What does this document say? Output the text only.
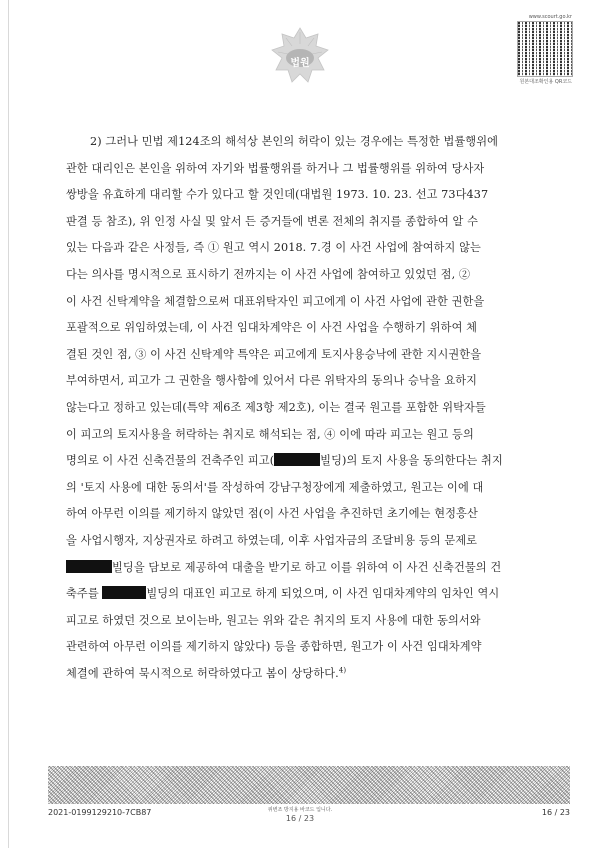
법원
www.scourt.go.kr
원본대조확인용 QR코드
2) 그러나 민법 제124조의 해석상 본인의 허락이 있는 경우에는 특정한 법률행위에
관한 대리인은 본인을 위하여 자기와 법률행위를 하거나 그 법률행위를 위하여 당사자
쌍방을 유효하게 대리할 수가 있다고 할 것인데(대법원 1973. 10. 23. 선고 73다437
판결 등 참조), 위 인정 사실 및 앞서 든 증거들에 변론 전체의 취지를 종합하여 알 수
있는 다음과 같은 사정들, 즉 ① 원고 역시 2018. 7.경 이 사건 사업에 참여하지 않는
다는 의사를 명시적으로 표시하기 전까지는 이 사건 사업에 참여하고 있었던 점, ②
이 사건 신탁계약을 체결함으로써 대표위탁자인 피고에게 이 사건 사업에 관한 권한을
포괄적으로 위임하였는데, 이 사건 임대차계약은 이 사건 사업을 수행하기 위하여 체
결된 것인 점, ③ 이 사건 신탁계약 특약은 피고에게 토지사용승낙에 관한 지시권한을
부여하면서, 피고가 그 권한을 행사함에 있어서 다른 위탁자의 동의나 승낙을 요하지
않는다고 정하고 있는데(특약 제6조 제3항 제2호), 이는 결국 원고를 포함한 위탁자들
이 피고의 토지사용을 허락하는 취지로 해석되는 점, ④ 이에 따라 피고는 원고 등의
명의로 이 사건 신축건물의 건축주인 피고(	빌딩)의 토지 사용을 동의한다는 취지
의 '토지 사용에 대한 동의서'를 작성하여 강남구청장에게 제출하였고, 원고는 이에 대
하여 아무런 이의를 제기하지 않았던 점(이 사건 사업을 추진하던 초기에는 현정흥산
을 사업시행자, 지상권자로 하려고 하였는데, 이후 사업자금의 조달비용 등의 문제로
빌딩을 담보로 제공하여 대출을 받기로 하고 이를 위하여 이 사건 신축건물의 건
축주를	빌딩의 대표인 피고로 하게 되었으며, 이 사건 임대차계약의 임차인 역시
피고로 하였던 것으로 보이는바, 원고는 위와 같은 취지의 토지 사용에 대한 동의서와
관련하여 아무런 이의를 제기하지 않았다) 등을 종합하면, 원고가 이 사건 임대차계약
체결에 관하여 묵시적으로 허락하였다고 봄이 상당하다.$^{4)}$
2021-0199129210-7CB87	위변조 방지용 바코드 입니다.
16 / 23
16 / 23
